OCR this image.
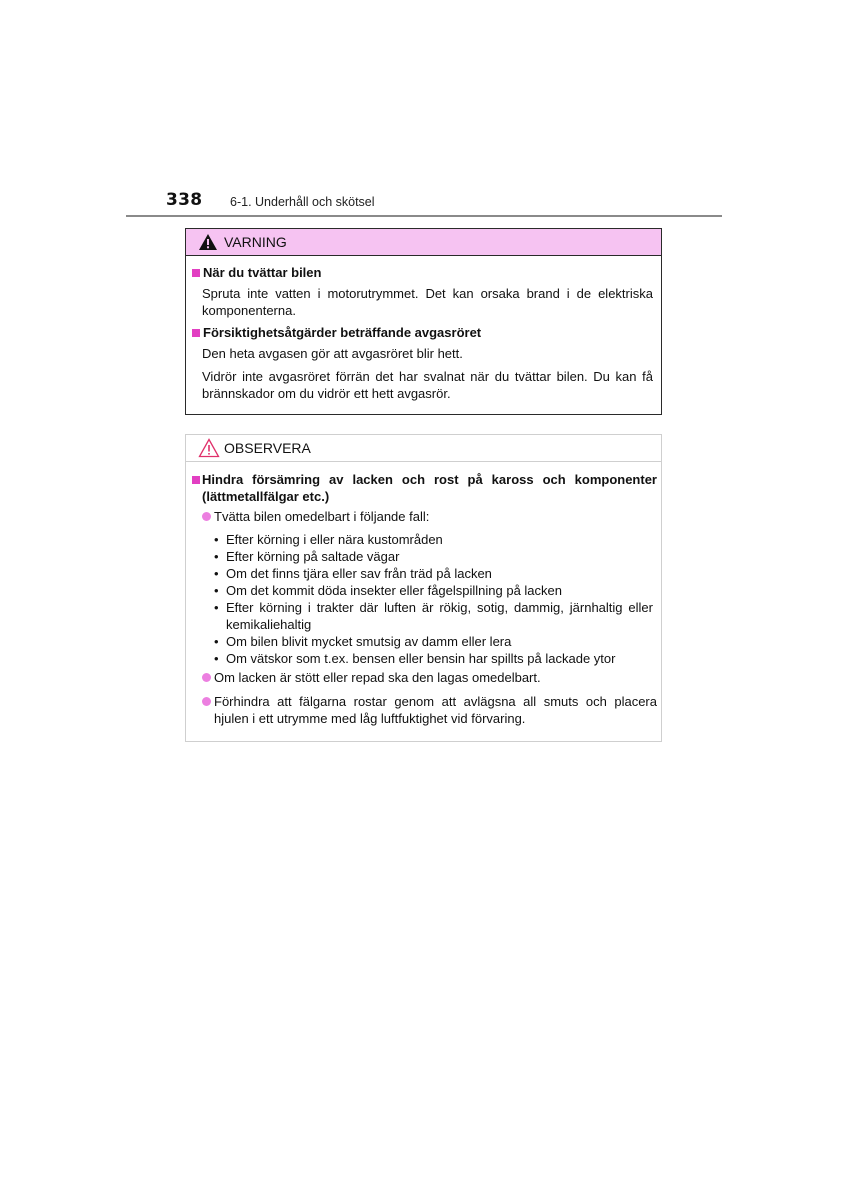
338 6-1. Underhåll och skötsel
VARNING
När du tvättar bilen
Spruta inte vatten i motorutrymmet. Det kan orsaka brand i de elektriska
komponenterna.
Försiktighetsåtgärder beträffande avgasröret
Den heta avgasen gör att avgasröret blir hett.
Vidrör inte avgasröret förrän det har svalnat när du tvättar bilen. Du kan få
brännskador om du vidrör ett hett avgasrör.
OBSERVERA
Hindra försämring av lacken och rost på kaross och komponenter
(lättmetallfälgar etc.)
Tvätta bilen omedelbart i följande fall:
• Efter körning i eller nära kustområden
• Efter körning på saltade vägar
• Om det finns tjära eller sav från träd på lacken
• Om det kommit döda insekter eller fågelspillning på lacken
• Efter körning i trakter där luften är rökig, sotig, dammig, järnhaltig eller
kemikaliehaltig
• Om bilen blivit mycket smutsig av damm eller lera
• Om vätskor som t.ex. bensen eller bensin har spillts på lackade ytor
Om lacken är stött eller repad ska den lagas omedelbart.
Förhindra att fälgarna rostar genom att avlägsna all smuts och placera
hjulen i ett utrymme med låg luftfuktighet vid förvaring.
